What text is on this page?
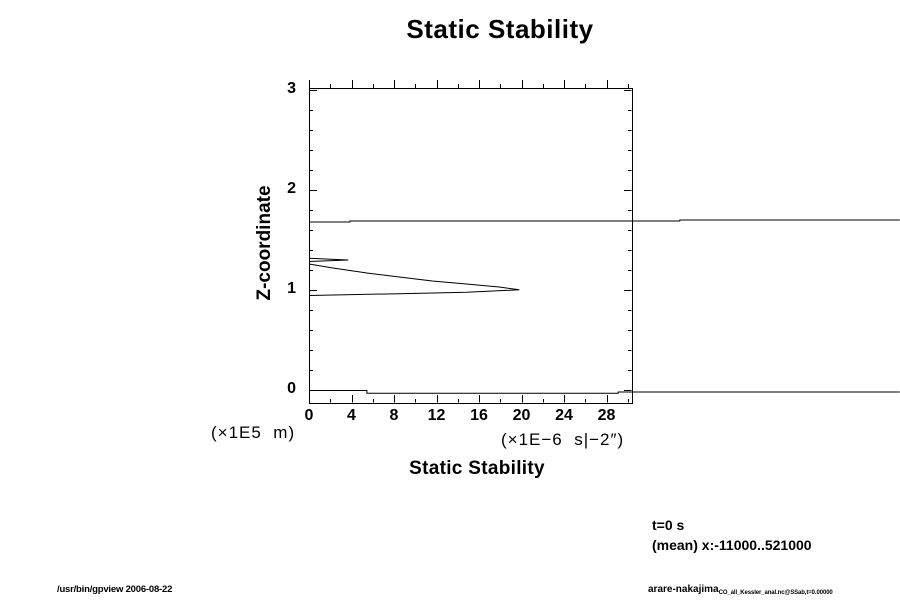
Static Stability
0	4	8	12	16	20	24	28
0
1
2
3
Z-coordinate
(×1E5  m)	(×1E−6  s|−2″)
Static Stability
t=0 s
(mean) x:-11000..521000
/usr/bin/gpview 2006-08-22	arare-nakajima$_{CO\_all\_Kessler\_anal.nc@SSab,t=0.00000}$
